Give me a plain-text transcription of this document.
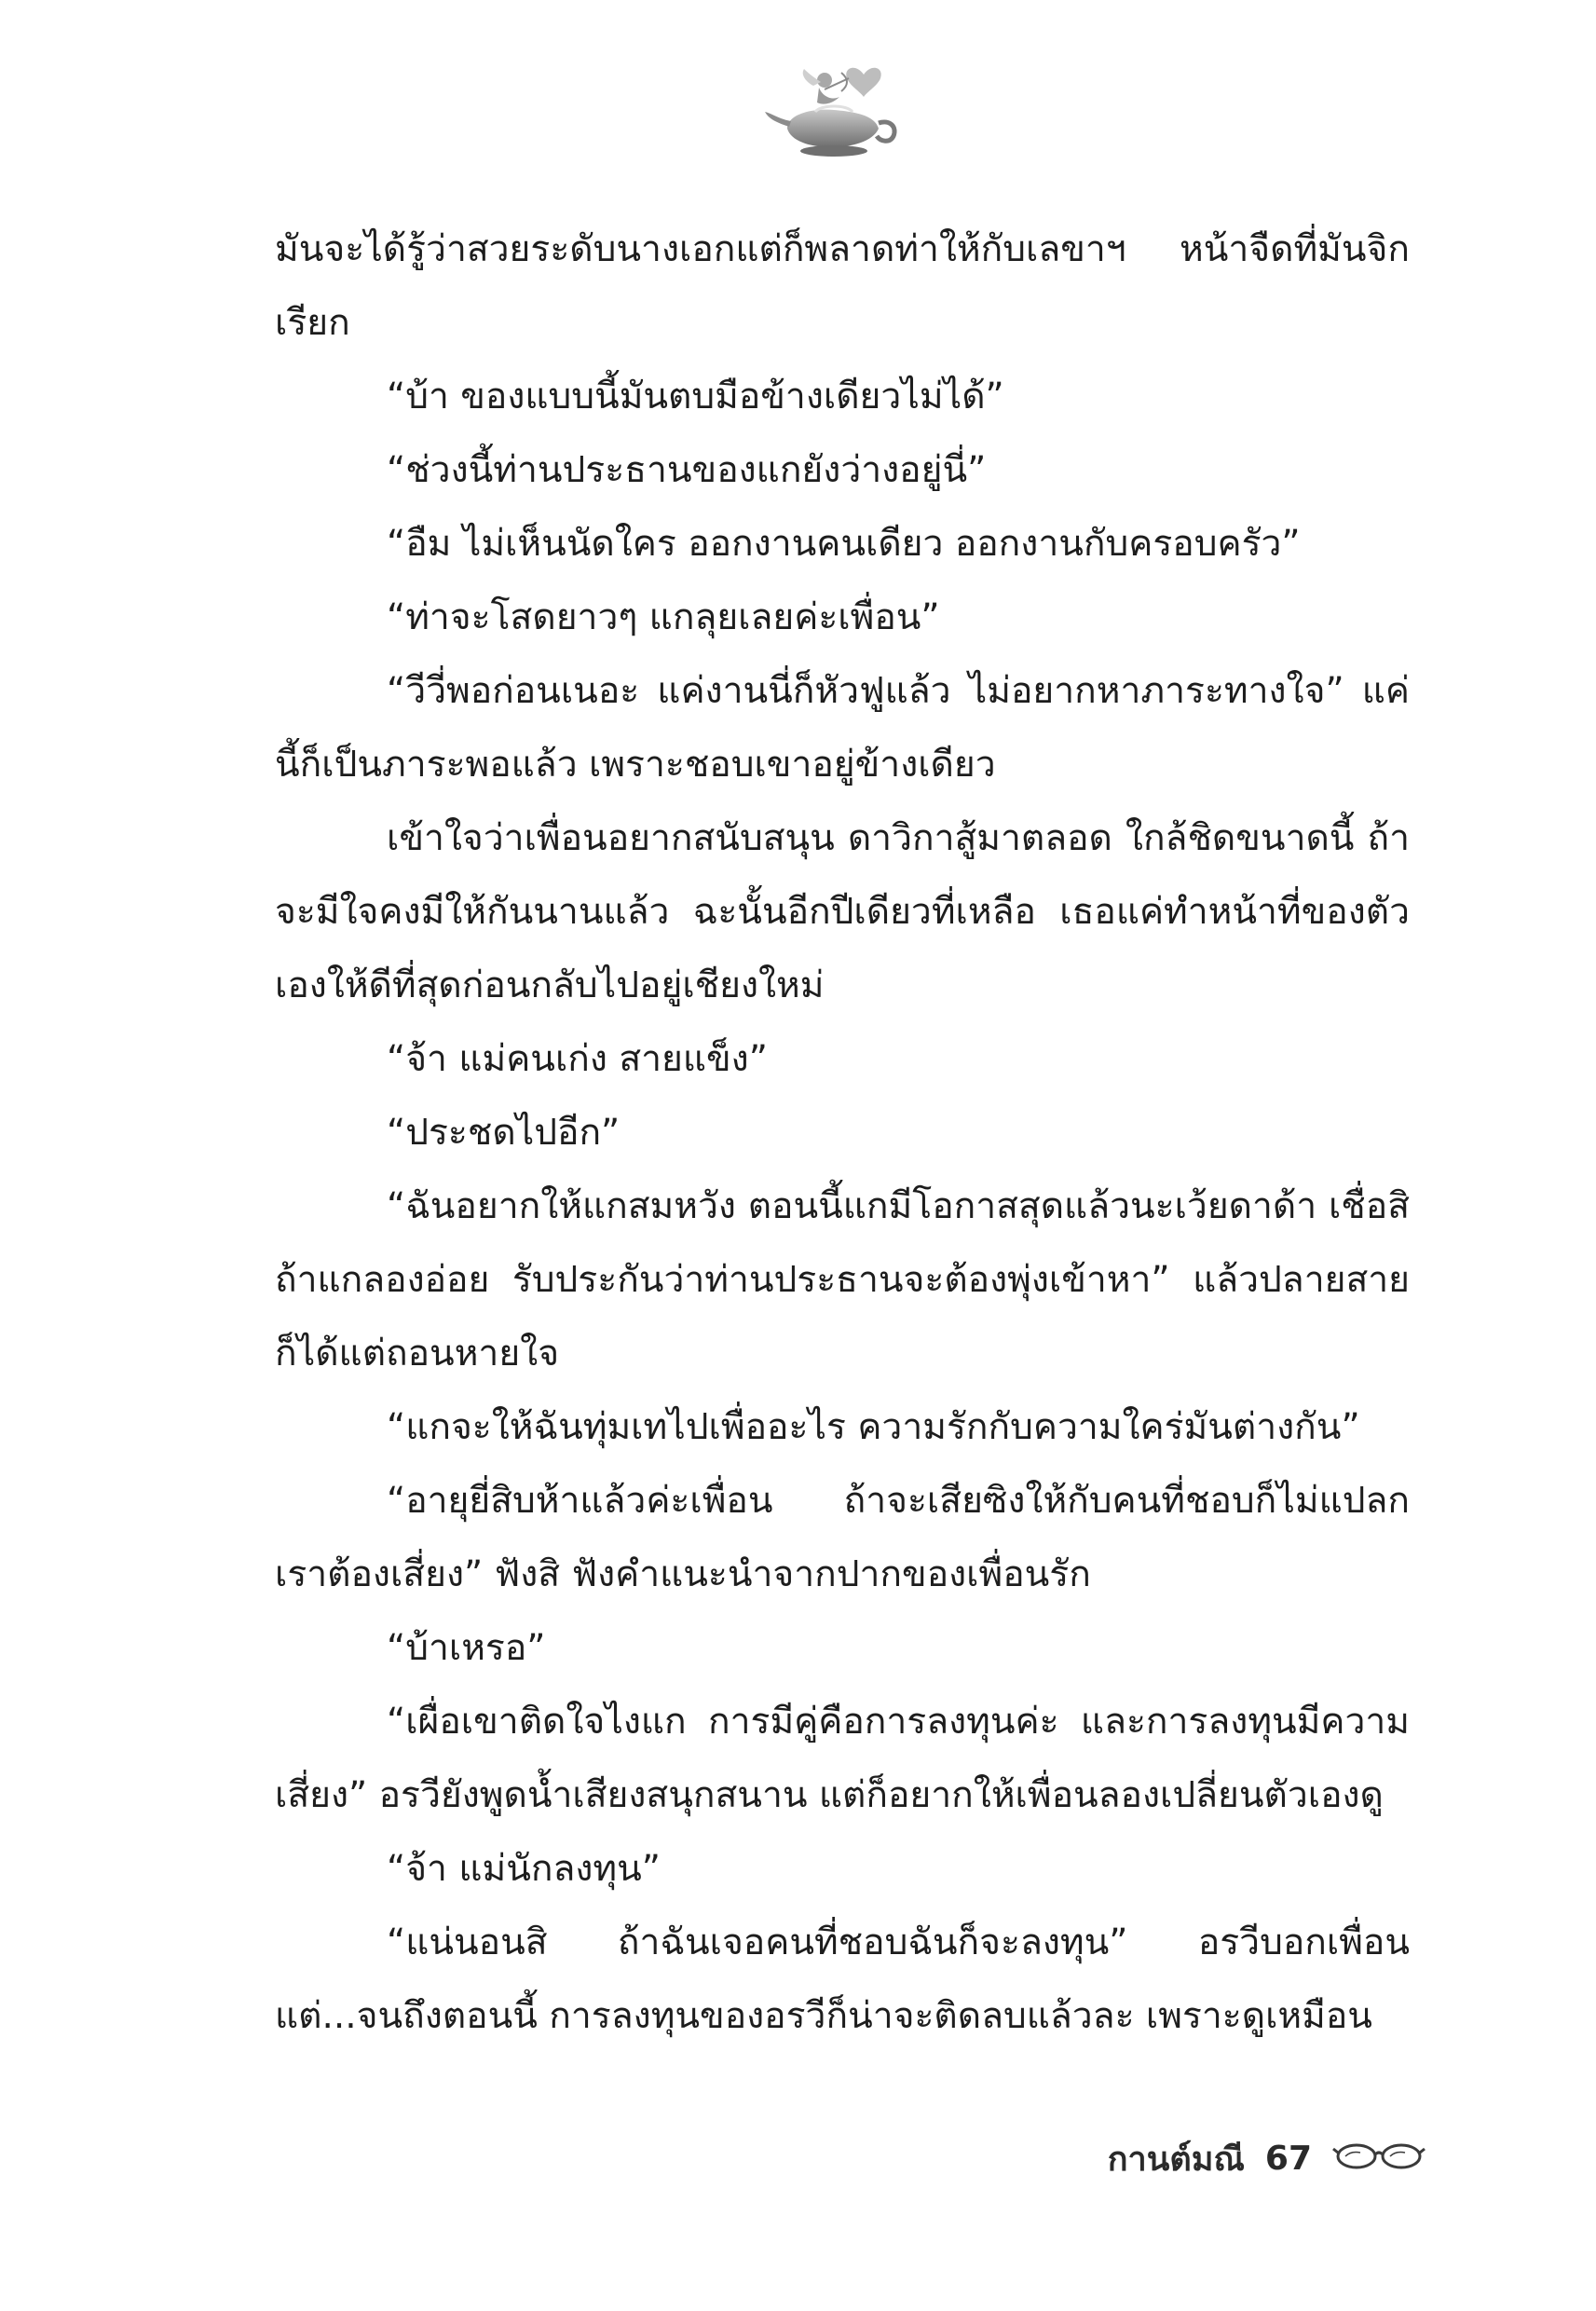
มันจะได้รู้ว่าสวยระดับนางเอกแต่ก็พลาดท่าให้กับเลขาฯ หน้าจืดที่มันจิกเรียก

“บ้า ของแบบนี้มันตบมือข้างเดียวไม่ได้”

“ช่วงนี้ท่านประธานของแกยังว่างอยู่นี่”

“อืม ไม่เห็นนัดใคร ออกงานคนเดียว ออกงานกับครอบครัว”

“ท่าจะโสดยาวๆ แกลุยเลยค่ะเพื่อน”

“วีวี่พอก่อนเนอะ แค่งานนี่ก็หัวฟูแล้ว ไม่อยากหาภาระทางใจ” แค่นี้ก็เป็นภาระพอแล้ว เพราะชอบเขาอยู่ข้างเดียว

เข้าใจว่าเพื่อนอยากสนับสนุน ดาวิกาสู้มาตลอด ใกล้ชิดขนาดนี้ ถ้าจะมีใจคงมีให้กันนานแล้ว ฉะนั้นอีกปีเดียวที่เหลือ เธอแค่ทำหน้าที่ของตัวเองให้ดีที่สุดก่อนกลับไปอยู่เชียงใหม่

“จ้า แม่คนเก่ง สายแข็ง”

“ประชดไปอีก”

“ฉันอยากให้แกสมหวัง ตอนนี้แกมีโอกาสสุดแล้วนะเว้ยดาด้า เชื่อสิ ถ้าแกลองอ่อย รับประกันว่าท่านประธานจะต้องพุ่งเข้าหา” แล้วปลายสายก็ได้แต่ถอนหายใจ

“แกจะให้ฉันทุ่มเทไปเพื่ออะไร ความรักกับความใคร่มันต่างกัน”

“อายุยี่สิบห้าแล้วค่ะเพื่อน ถ้าจะเสียซิงให้กับคนที่ชอบก็ไม่แปลก เราต้องเสี่ยง” ฟังสิ ฟังคำแนะนำจากปากของเพื่อนรัก

“บ้าเหรอ”

“เผื่อเขาติดใจไงแก การมีคู่คือการลงทุนค่ะ และการลงทุนมีความเสี่ยง” อรวียังพูดน้ำเสียงสนุกสนาน แต่ก็อยากให้เพื่อนลองเปลี่ยนตัวเองดู

“จ้า แม่นักลงทุน”

“แน่นอนสิ ถ้าฉันเจอคนที่ชอบฉันก็จะลงทุน” อรวีบอกเพื่อน แต่...จนถึงตอนนี้ การลงทุนของอรวีก็น่าจะติดลบแล้วละ เพราะดูเหมือน

กานต์มณี 67
